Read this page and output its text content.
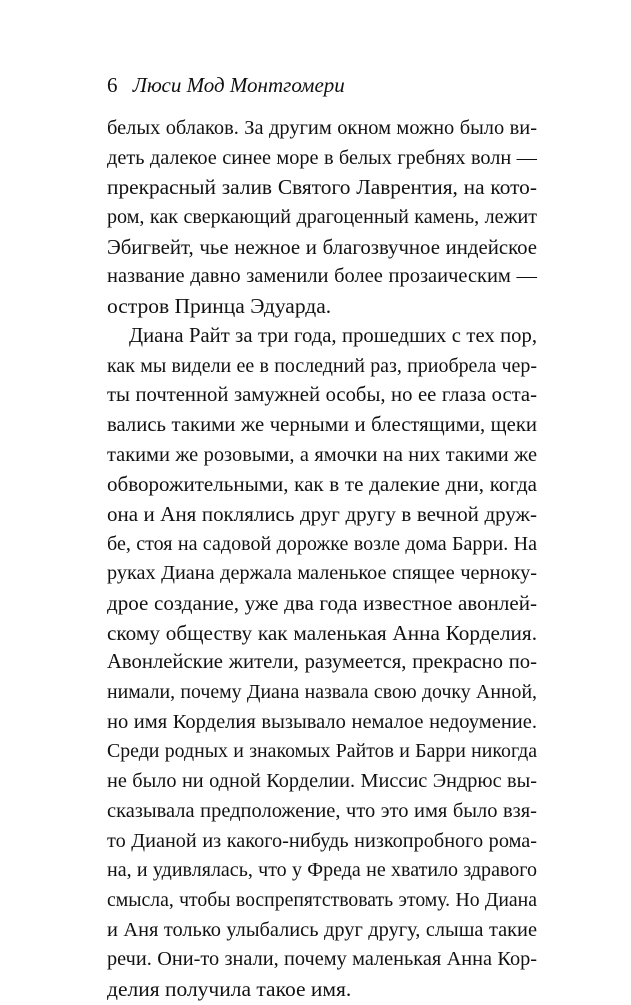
6 Люси Мод Монтгомери
белых облаков. За другим окном можно было ви-
деть далекое синее море в белых гребнях волн —
прекрасный залив Святого Лаврентия, на кото-
ром, как сверкающий драгоценный камень, лежит
Эбигвейт, чье нежное и благозвучное индейское
название давно заменили более прозаическим —
остров Принца Эдуарда.
Диана Райт за три года, прошедших с тех пор,
как мы видели ее в последний раз, приобрела чер-
ты почтенной замужней особы, но ее глаза оста-
вались такими же черными и блестящими, щеки
такими же розовыми, а ямочки на них такими же
обворожительными, как в те далекие дни, когда
она и Аня поклялись друг другу в вечной друж-
бе, стоя на садовой дорожке возле дома Барри. На
руках Диана держала маленькое спящее черноку-
дрое создание, уже два года известное авонлей-
скому обществу как маленькая Анна Корделия.
Авонлейские жители, разумеется, прекрасно по-
нимали, почему Диана назвала свою дочку Анной,
но имя Корделия вызывало немалое недоумение.
Среди родных и знакомых Райтов и Барри никогда
не было ни одной Корделии. Миссис Эндрюс вы-
сказывала предположение, что это имя было взя-
то Дианой из какого-нибудь низкопробного рома-
на, и удивлялась, что у Фреда не хватило здравого
смысла, чтобы воспрепятствовать этому. Но Диана
и Аня только улыбались друг другу, слыша такие
речи. Они-то знали, почему маленькая Анна Кор-
делия получила такое имя.
